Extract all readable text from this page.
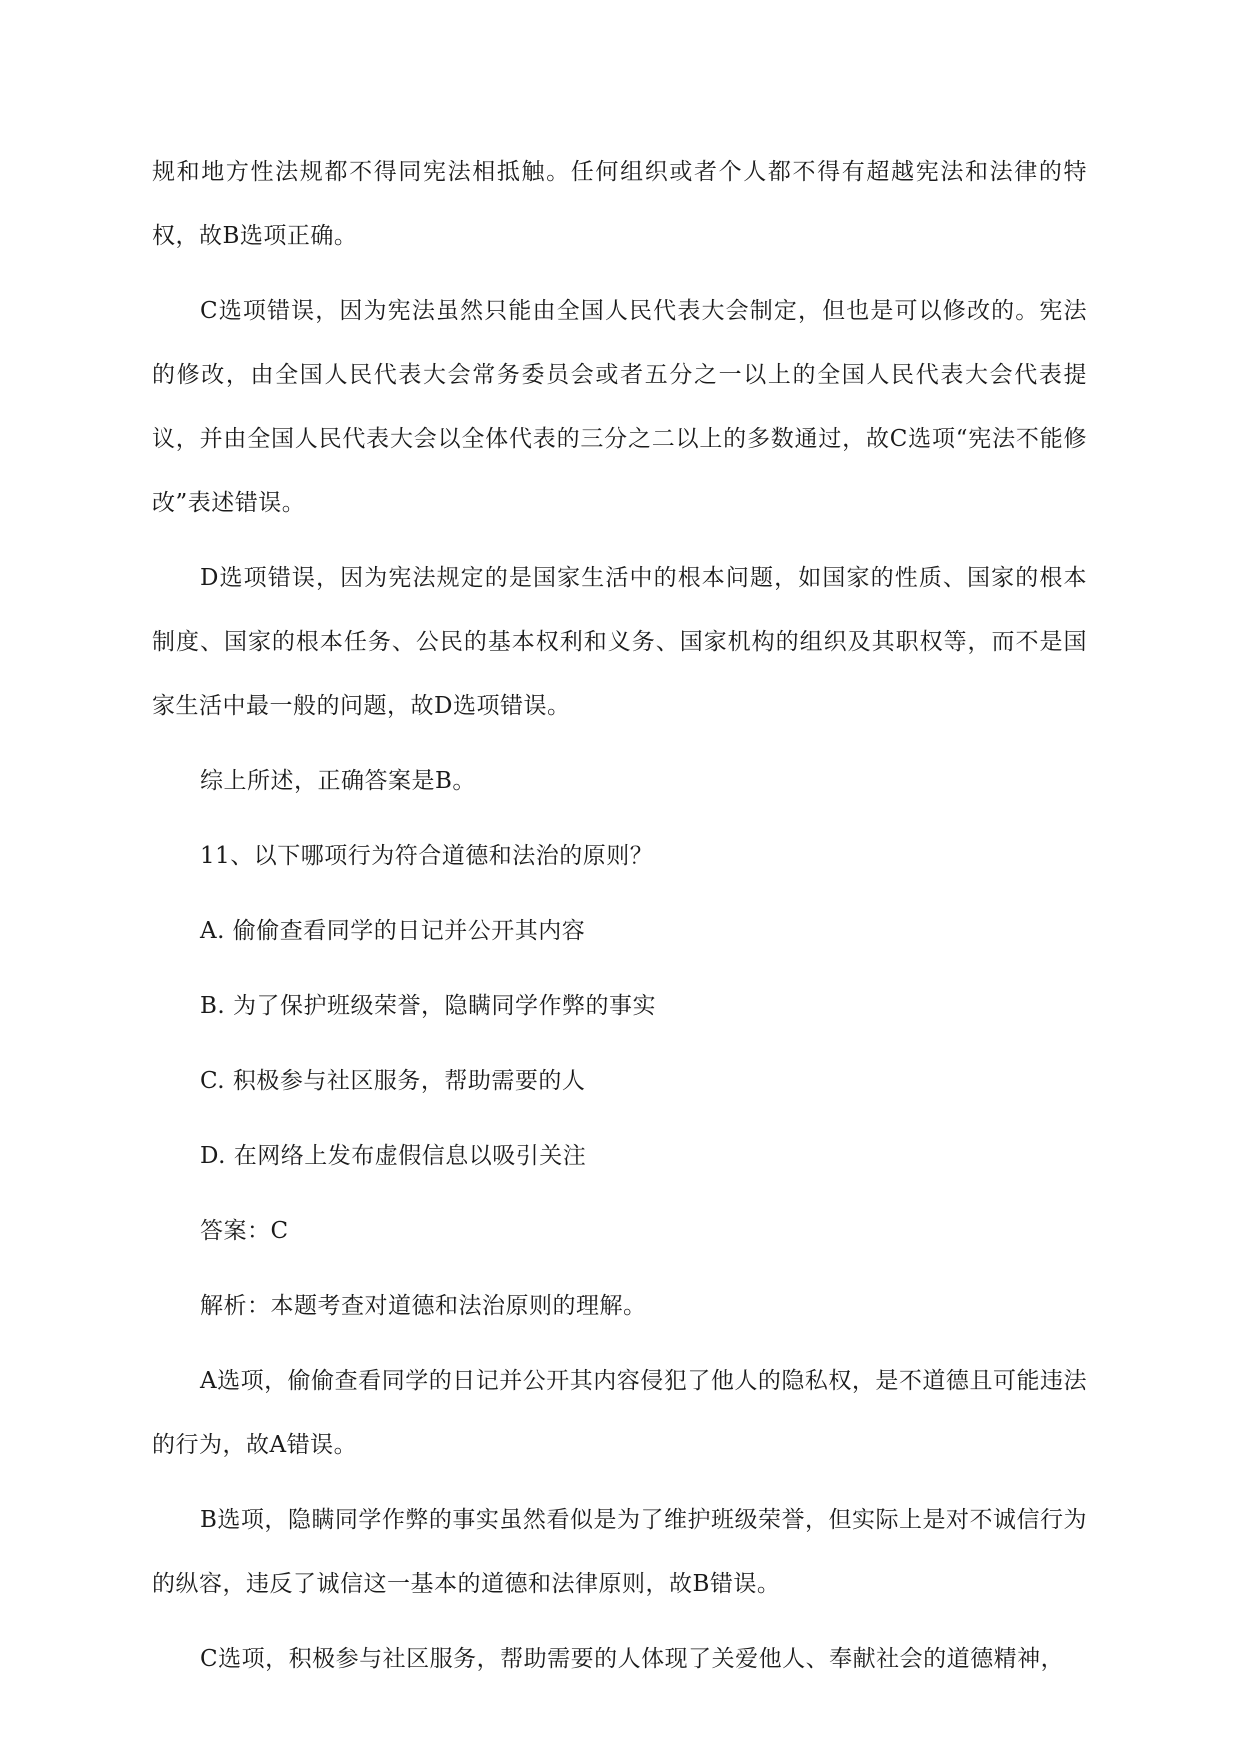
规和地方性法规都不得同宪法相抵触。任何组织或者个人都不得有超越宪法和法律的特权，故B选项正确。

C选项错误，因为宪法虽然只能由全国人民代表大会制定，但也是可以修改的。宪法的修改，由全国人民代表大会常务委员会或者五分之一以上的全国人民代表大会代表提议，并由全国人民代表大会以全体代表的三分之二以上的多数通过，故C选项“宪法不能修改”表述错误。

D选项错误，因为宪法规定的是国家生活中的根本问题，如国家的性质、国家的根本制度、国家的根本任务、公民的基本权利和义务、国家机构的组织及其职权等，而不是国家生活中最一般的问题，故D选项错误。

综上所述，正确答案是B。

11、以下哪项行为符合道德和法治的原则？

A. 偷偷查看同学的日记并公开其内容

B. 为了保护班级荣誉，隐瞒同学作弊的事实

C. 积极参与社区服务，帮助需要的人

D. 在网络上发布虚假信息以吸引关注

答案：C

解析：本题考查对道德和法治原则的理解。

A选项，偷偷查看同学的日记并公开其内容侵犯了他人的隐私权，是不道德且可能违法的行为，故A错误。

B选项，隐瞒同学作弊的事实虽然看似是为了维护班级荣誉，但实际上是对不诚信行为的纵容，违反了诚信这一基本的道德和法律原则，故B错误。

C选项，积极参与社区服务，帮助需要的人体现了关爱他人、奉献社会的道德精神，
